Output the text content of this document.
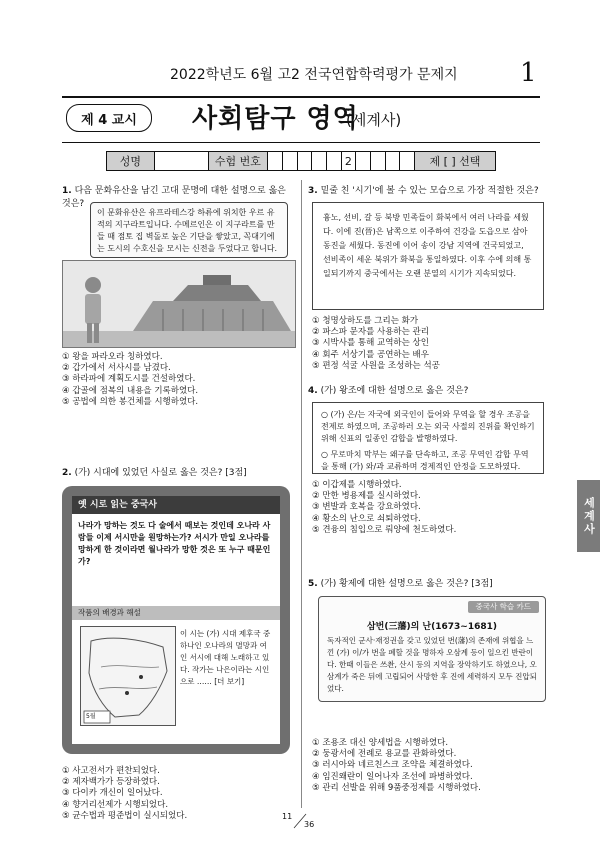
2022학년도 6월 고2 전국연합학력평가 문제지 1
제 4 교시	사회탐구 영역
(세계사)
성명	수험 번호	2	제 [ ] 선택
1. 다음 문화유산을 남긴 고대 문명에 대한 설명으로 옳은 것은?
이 문화유산은 유프라테스강 하류에 위치한 우르 유적의 지구라트입니다. 수메르인은 이 지구라트를 만들 때 점토 집 벽돌로 높은 기단을 쌓았고, 꼭대기에는 도시의 수호신을 모시는 신전을 두었다고 합니다.
① 왕을 파라오라 칭하였다.
② 갑가에서 서사시를 남겼다.
③ 하라파에 계획도시를 건설하였다.
④ 갑골에 점복의 내용을 기록하였다.
⑤ 공법에 의한 봉건체를 시행하였다.
2. (가) 시대에 있었던 사실로 옳은 것은? [3점]
옛 시로 읽는 중국사
나라가 망하는 것도 다 술에서 때보는 것인데 오나라 사람들 이제 서시만을 원망하는가? 서시가 만일 오나라를 망하게 한 것이라면 월나라가 망한 것은 또 누구 때문인가?
작품의 배경과 해설
5월
이 시는 (가) 시대 제후국 중 하나인 오나라의 멸망과 여인 서시에 대해 노래하고 있다. 작가는 나은이라는 시인으로 …… [더 보기]
① 사고전서가 편찬되었다.
② 제자백가가 등장하였다.
③ 다이카 개신이 일어났다.
④ 향거리선제가 시행되었다.
⑤ 균수법과 평준법이 실시되었다.
3. 밑줄 친 '시기'에 볼 수 있는 모습으로 가장 적절한 것은?
흉노, 선비, 갈 등 북방 민족들이 화북에서 여러 나라를 세웠다. 이에 진(晉)은 남쪽으로 이주하여 건강을 도읍으로 삼아 동진을 세웠다. 동진에 이어 송이 강남 지역에 건국되었고, 선비족이 세운 북위가 화북을 통일하였다. 이후 수에 의해 통일되기까지 중국에서는 오랜 분열의 시기가 지속되었다.
① 청명상하도를 그리는 화가
② 파스파 문자를 사용하는 관리
③ 시박사를 통해 교역하는 상인
④ 회주 서상기를 공연하는 배우
⑤ 편정 석굴 사원을 조성하는 석공
4. (가) 왕조에 대한 설명으로 옳은 것은?
○ (가) 은/는 자국에 외국인이 들어와 무역을 할 경우 조공을 전제로 하였으며, 조공하러 오는 외국 사절의 진위를 확인하기 위해 신표의 일종인 감합을 발행하였다.
○ 무로마치 막부는 왜구를 단속하고, 조공 무역인 감합 무역을 통해 (가) 와/과 교류하며 경제적인 안정을 도모하였다.
① 이갑제를 시행하였다.
② 만한 병용제를 실시하였다.
③ 변발과 호복을 강요하였다.
④ 황소의 난으로 쇠퇴하였다.
⑤ 견융의 침입으로 뤄양에 천도하였다.	세계사
5. (가) 황제에 대한 설명으로 옳은 것은? [3점]
중국사 학습 카드
삼번(三藩)의 난(1673~1681)
독자적인 군사·재정권을 갖고 있었던 번(藩)의 존재에 위협을 느낀 (가) 이/가 번을 폐할 것을 명하자 오삼계 등이 일으킨 반란이다. 한때 이들은 쓰촨, 산시 등의 지역을 장악하기도 하였으나, 오삼계가 죽은 뒤에 고립되어 사망한 후 진에 세력하지 모두 진압되었다.
① 조용조 대신 양세법을 시행하였다.
② 둥광서에 전례로 용교를 관화하였다.
③ 러시아와 네르친스크 조약을 체결하였다.
④ 임진왜란이 일어나자 조선에 파병하였다.
⑤ 관리 선발을 위해 9품중정제를 시행하였다.
11
36
